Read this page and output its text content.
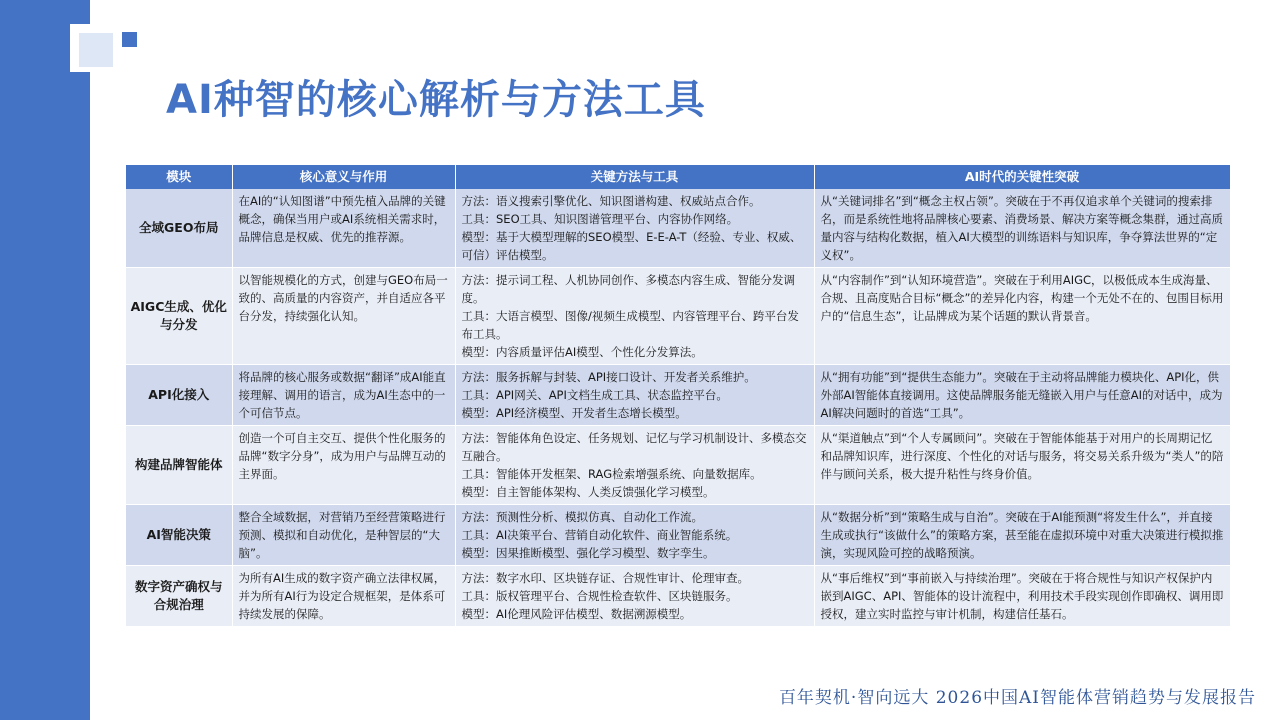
AI种智的核心解析与方法工具
模块	核心意义与作用	关键方法与工具	AI时代的关键性突破
全域GEO布局	在AI的“认知图谱”中预先植入品牌的关键概念，确保当用户或AI系统相关需求时，品牌信息是权威、优先的推荐源。	方法：语义搜索引擎优化、知识图谱构建、权威站点合作。
工具：SEO工具、知识图谱管理平台、内容协作网络。
模型：基于大模型理解的SEO模型、E-E-A-T（经验、专业、权威、可信）评估模型。	从“关键词排名”到“概念主权占领”。突破在于不再仅追求单个关键词的搜索排名，而是系统性地将品牌核心要素、消费场景、解决方案等概念集群，通过高质量内容与结构化数据，植入AI大模型的训练语料与知识库，争夺算法世界的“定义权”。
AIGC生成、优化与分发	以智能规模化的方式，创建与GEO布局一致的、高质量的内容资产，并自适应各平台分发，持续强化认知。	方法：提示词工程、人机协同创作、多模态内容生成、智能分发调度。
工具：大语言模型、图像/视频生成模型、内容管理平台、跨平台发布工具。
模型：内容质量评估AI模型、个性化分发算法。	从“内容制作”到“认知环境营造”。突破在于利用AIGC，以极低成本生成海量、合规、且高度贴合目标“概念”的差异化内容，构建一个无处不在的、包围目标用户的“信息生态”，让品牌成为某个话题的默认背景音。
API化接入	将品牌的核心服务或数据“翻译”成AI能直接理解、调用的语言，成为AI生态中的一个可信节点。	方法：服务拆解与封装、API接口设计、开发者关系维护。
工具：API网关、API文档生成工具、状态监控平台。
模型：API经济模型、开发者生态增长模型。	从“拥有功能”到“提供生态能力”。突破在于主动将品牌能力模块化、API化，供外部AI智能体直接调用。这使品牌服务能无缝嵌入用户与任意AI的对话中，成为AI解决问题时的首选“工具”。
构建品牌智能体	创造一个可自主交互、提供个性化服务的品牌“数字分身”，成为用户与品牌互动的主界面。	方法：智能体角色设定、任务规划、记忆与学习机制设计、多模态交互融合。
工具：智能体开发框架、RAG检索增强系统、向量数据库。
模型：自主智能体架构、人类反馈强化学习模型。	从“渠道触点”到“个人专属顾问”。突破在于智能体能基于对用户的长周期记忆和品牌知识库，进行深度、个性化的对话与服务，将交易关系升级为“类人”的陪伴与顾问关系，极大提升粘性与终身价值。
AI智能决策	整合全域数据，对营销乃至经营策略进行预测、模拟和自动优化，是种智层的“大脑”。	方法：预测性分析、模拟仿真、自动化工作流。
工具：AI决策平台、营销自动化软件、商业智能系统。
模型：因果推断模型、强化学习模型、数字孪生。	从“数据分析”到“策略生成与自治”。突破在于AI能预测“将发生什么”，并直接生成或执行“该做什么”的策略方案，甚至能在虚拟环境中对重大决策进行模拟推演，实现风险可控的战略预演。
数字资产确权与合规治理	为所有AI生成的数字资产确立法律权属，并为所有AI行为设定合规框架，是体系可持续发展的保障。	方法：数字水印、区块链存证、合规性审计、伦理审查。
工具：版权管理平台、合规性检查软件、区块链服务。
模型：AI伦理风险评估模型、数据溯源模型。	从“事后维权”到“事前嵌入与持续治理”。突破在于将合规性与知识产权保护内嵌到AIGC、API、智能体的设计流程中，利用技术手段实现创作即确权、调用即授权，建立实时监控与审计机制，构建信任基石。

百年契机·智向远大 2026中国AI智能体营销趋势与发展报告
